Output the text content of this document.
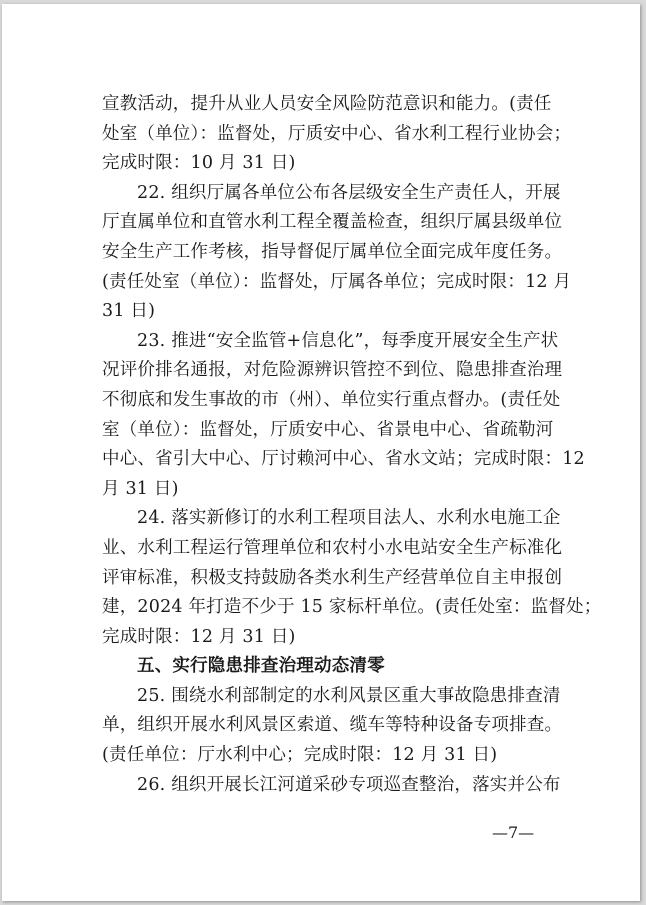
宣教活动，提升从业人员安全风险防范意识和能力。(责任
处室（单位）：监督处，厅质安中心、省水利工程行业协会；
完成时限：10 月 31 日)
22. 组织厅属各单位公布各层级安全生产责任人，开展
厅直属单位和直管水利工程全覆盖检查，组织厅属县级单位
安全生产工作考核，指导督促厅属单位全面完成年度任务。
(责任处室（单位）：监督处，厅属各单位；完成时限：12 月
31 日)
23. 推进“安全监管+信息化”，每季度开展安全生产状
况评价排名通报，对危险源辨识管控不到位、隐患排查治理
不彻底和发生事故的市（州）、单位实行重点督办。(责任处
室（单位）：监督处，厅质安中心、省景电中心、省疏勒河
中心、省引大中心、厅讨赖河中心、省水文站；完成时限：12
月 31 日)
24. 落实新修订的水利工程项目法人、水利水电施工企
业、水利工程运行管理单位和农村小水电站安全生产标准化
评审标准，积极支持鼓励各类水利生产经营单位自主申报创
建，2024 年打造不少于 15 家标杆单位。(责任处室：监督处；
完成时限：12 月 31 日)
五、实行隐患排查治理动态清零
25. 围绕水利部制定的水利风景区重大事故隐患排查清
单，组织开展水利风景区索道、缆车等特种设备专项排查。
(责任单位：厅水利中心；完成时限：12 月 31 日)
26. 组织开展长江河道采砂专项巡查整治，落实并公布
—7—
